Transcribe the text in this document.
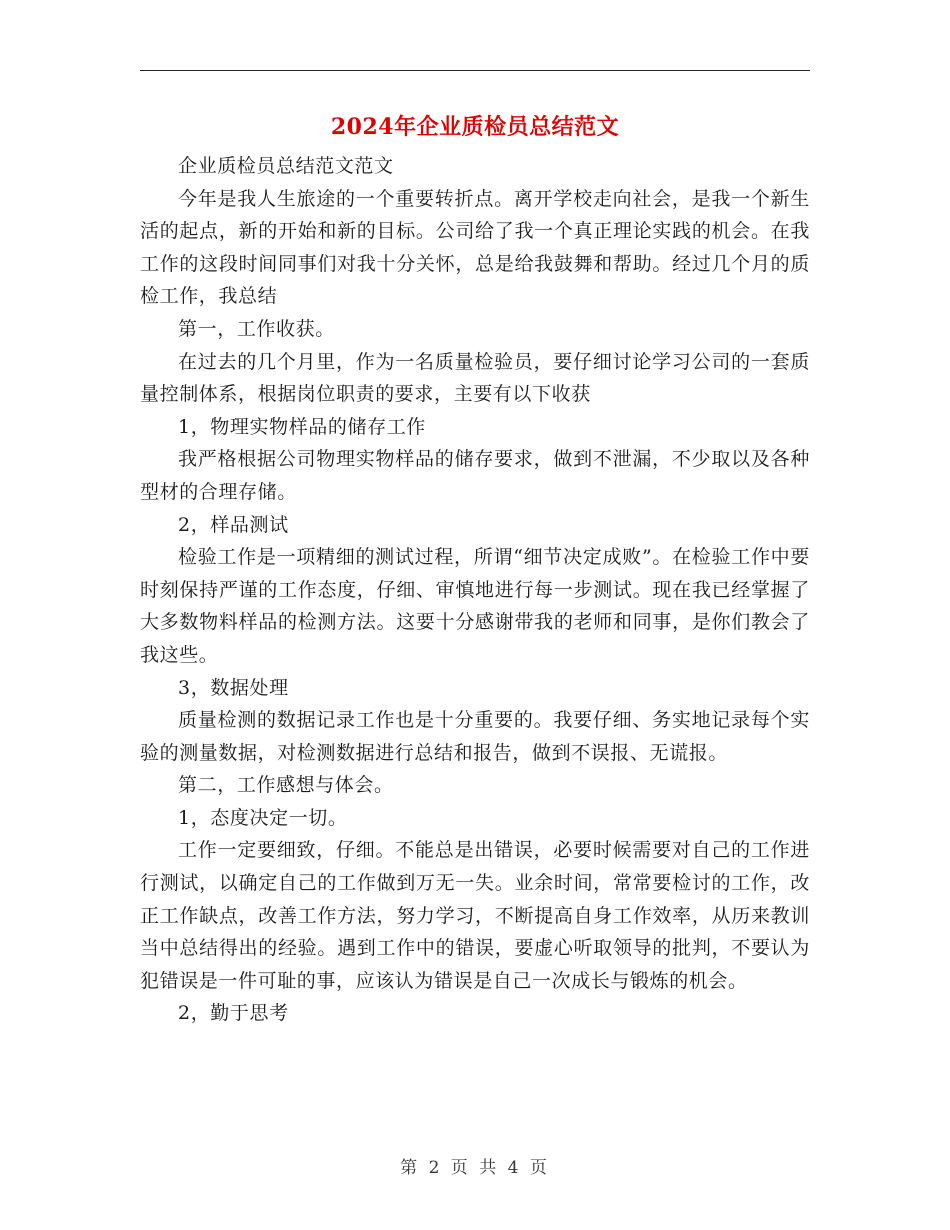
2024年企业质检员总结范文

企业质检员总结范文范文

今年是我人生旅途的一个重要转折点。离开学校走向社会，是我一个新生活的起点，新的开始和新的目标。公司给了我一个真正理论实践的机会。在我工作的这段时间同事们对我十分关怀，总是给我鼓舞和帮助。经过几个月的质检工作，我总结

第一，工作收获。

在过去的几个月里，作为一名质量检验员，要仔细讨论学习公司的一套质量控制体系，根据岗位职责的要求，主要有以下收获

1，物理实物样品的储存工作

我严格根据公司物理实物样品的储存要求，做到不泄漏，不少取以及各种型材的合理存储。

2，样品测试

检验工作是一项精细的测试过程，所谓“细节决定成败”。在检验工作中要时刻保持严谨的工作态度，仔细、审慎地进行每一步测试。现在我已经掌握了大多数物料样品的检测方法。这要十分感谢带我的老师和同事，是你们教会了我这些。

3，数据处理

质量检测的数据记录工作也是十分重要的。我要仔细、务实地记录每个实验的测量数据，对检测数据进行总结和报告，做到不误报、无谎报。

第二，工作感想与体会。

1，态度决定一切。

工作一定要细致，仔细。不能总是出错误，必要时候需要对自己的工作进行测试，以确定自己的工作做到万无一失。业余时间，常常要检讨的工作，改正工作缺点，改善工作方法，努力学习，不断提高自身工作效率，从历来教训当中总结得出的经验。遇到工作中的错误，要虚心听取领导的批判，不要认为犯错误是一件可耻的事，应该认为错误是自己一次成长与锻炼的机会。

2，勤于思考

第 2 页 共 4 页
